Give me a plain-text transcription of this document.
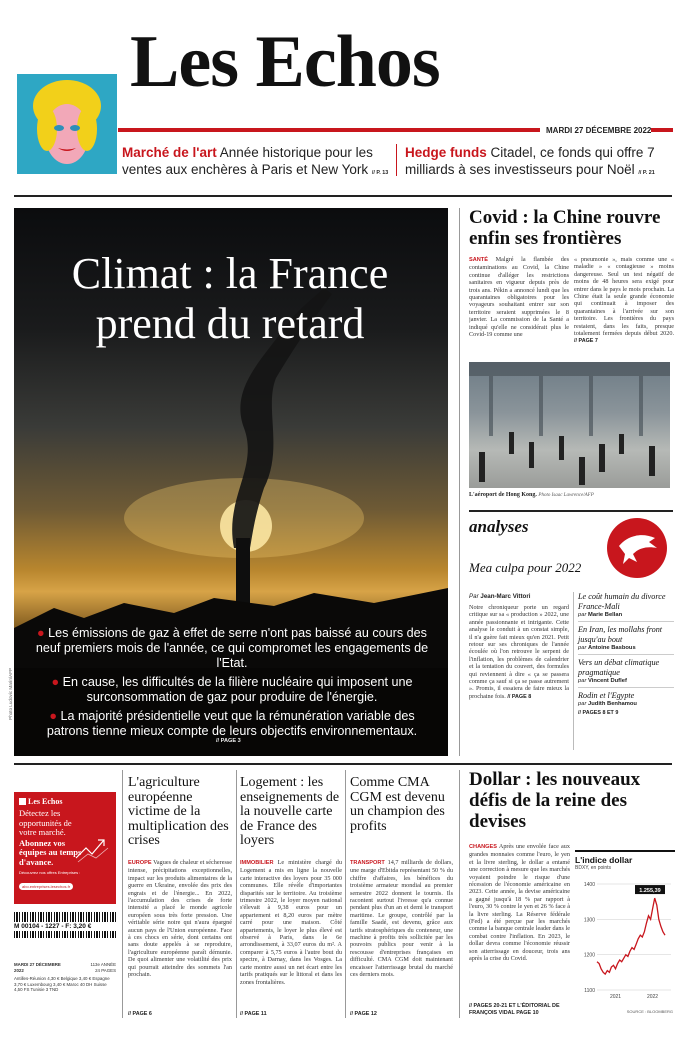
Les Echos
MARDI 27 DÉCEMBRE 2022
Marché de l'art Année historique pour les ventes aux enchères à Paris et New York // P. 13
Hedge funds Citadel, ce fonds qui offre 7 milliards à ses investisseurs pour Noël // P. 21
Climat : la France prend du retard
● Les émissions de gaz à effet de serre n'ont pas baissé au cours des neuf premiers mois de l'année, ce qui compromet les engagements de l'Etat.
● En cause, les difficultés de la filière nucléaire qui imposent une surconsommation de gaz pour produire de l'énergie.
● La majorité présidentielle veut que la rémunération variable des patrons tienne mieux compte de leurs objectifs environnementaux.
// PAGE 3
Photo Ludovic Marin/AFP
Covid : la Chine rouvre enfin ses frontières
SANTÉ Malgré la flambée des contaminations au Covid, la Chine continue d'alléger les restrictions sanitaires en vigueur depuis près de trois ans. Pékin a annoncé lundi que les quarantaines obligatoires pour les voyageurs souhaitant entrer sur son territoire seraient supprimées le 8 janvier. La commission de la Santé a indiqué qu'elle ne considérait plus le Covid-19 comme une
« pneumonie », mais comme une « maladie » « contagieuse » moins dangereuse. Seul un test négatif de moins de 48 heures sera exigé pour entrer dans le pays le mois prochain. La Chine était la seule grande économie qui continuait à imposer des quarantaines à l'arrivée sur son territoire. Les frontières du pays restaient, dans les faits, presque totalement fermées depuis début 2020. // PAGE 7
L'aéroport de Hong Kong. Photo Isaac Lawrence/AFP
analyses
Mea culpa pour 2022
Par Jean-Marc Vittori
Notre chroniqueur porte un regard critique sur sa « production » 2022, une année passionnante et intrigante. Cette analyse le conduit à un constat simple, il n'a guère fait mieux qu'en 2021. Petit retour sur ses chroniques de l'année écoulée où l'on retrouve le serpent de l'inflation, les problèmes de calendrier et la tentation du couvert, des formules qui reviennent à dire « ça se passera comme ça sauf si ça se passe autrement ». Promis, il essaiera de faire mieux la prochaine fois. // PAGE 8
Le coût humain du divorce France-Mali
par Marie Bellan
En Iran, les mollahs front jusqu'au bout
par Antoine Basbous
Vers un débat climatique pragmatique
par Vincent Duflef
Rodin et l'Egypte
par Judith Benhamou
// PAGES 8 ET 9
Les Echos
Détectez les opportunités de votre marché.
Abonnez vos équipes au temps d'avance.
Découvrez nos offres Entreprises :
abo.entreprises.lesechos.fr
M 00104 - 1227 - F: 3,20 €
MARDI 27 DÉCEMBRE 2022
113e ANNÉE
24 PAGES
Antilles-Réunion 4,30 € Belgique 3,40 € Espagne 3,70 € Luxembourg 3,40 € Maroc 40 DH Suisse 4,50 FS Tunisie 3 TND
L'agriculture européenne victime de la multiplication des crises
EUROPE Vagues de chaleur et sécheresse intense, précipitations exceptionnelles, impact sur les produits alimentaires de la guerre en Ukraine, envolée des prix des engrais et de l'énergie... En 2022, l'accumulation des crises de forte intensité a placé le monde agricole européen sous très forte pression. Une véritable série noire qui n'aura épargné aucun pays de l'Union européenne. Face à ces chocs en série, dont certains ont sans doute appelés à se reproduire, l'agriculture européenne paraît démunie. De quoi alimenter une volatilité des prix qui pourrait atteindre des sommets l'an prochain.
// PAGE 6
Logement : les enseignements de la nouvelle carte de France des loyers
IMMOBILIER Le ministère chargé du Logement a mis en ligne la nouvelle carte interactive des loyers pour 35 000 communes. Elle révèle d'importantes disparités sur le territoire. Au troisième trimestre 2022, le loyer moyen national s'élevait à 9,38 euros pour un appartement et 8,20 euros par mètre carré pour une maison. Côté appartements, le loyer le plus élevé est observé à Paris, dans le 6e arrondissement, à 33,07 euros du m². A comparer à 5,75 euros à l'autre bout du spectre, à Darnay, dans les Vosges. La carte montre aussi un net écart entre les tarifs pratiqués sur le littoral et dans les zones frontalières.
// PAGE 11
Comme CMA CGM est devenu un champion des profits
TRANSPORT 14,7 milliards de dollars, une marge d'Ebitda représentant 50 % du chiffre d'affaires, les bénéfices du troisième armateur mondial au premier semestre 2022 donnent le tournis. Ils racontent surtout l'ivresse qu'a connue pendant plus d'un an et demi le transport maritime. Le groupe, contrôlé par la famille Saadé, est devenu, grâce aux tarifs stratosphériques du conteneur, une machine à profits très sollicitée par les pouvoirs publics pour venir à la rescousse d'entreprises françaises en difficulté. CMA CGM doit maintenant encaisser l'atterrissage brutal du marché ces derniers mois.
// PAGE 12
Dollar : les nouveaux défis de la reine des devises
CHANGES Après une envolée face aux grandes monnaies comme l'euro, le yen et la livre sterling, le dollar a entamé une correction à mesure que les marchés voyaient poindre le risque d'une récession de l'économie américaine en 2023. Cette année, la devise américaine a gagné jusqu'à 18 % par rapport à l'euro, 30 % contre le yen et 26 % face à la livre sterling. La Réserve fédérale (Fed) a été perçue par les marchés comme la banque centrale leader dans le combat contre l'inflation. En 2023, le dollar devra comme l'économie réussir son atterrissage en douceur, trois ans après la crise du Covid.
// PAGES 20-21 ET L'ÉDITORIAL DE FRANÇOIS VIDAL PAGE 10
L'indice dollar
BDXY, en points
1100
1200
1300
1400
2021	2022
1.255,39
SOURCE : BLOOMBERG
